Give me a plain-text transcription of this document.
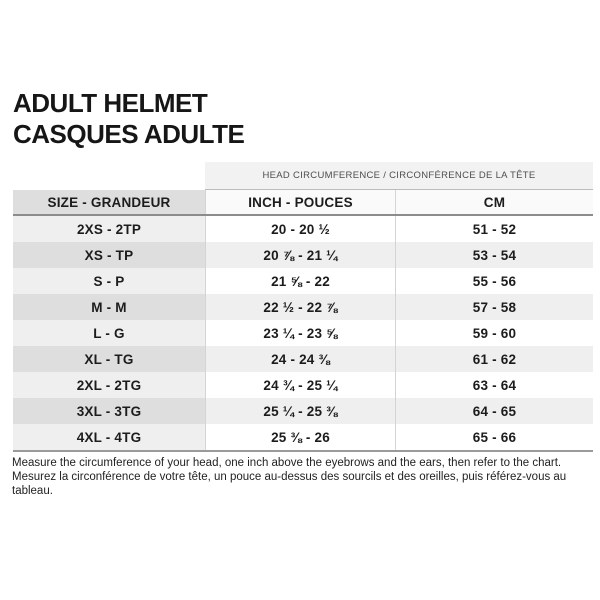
ADULT HELMET
CASQUES ADULTE
HEAD CIRCUMFERENCE / CIRCONFÉRENCE DE LA TÊTE
SIZE - GRANDEUR	INCH - POUCES	CM
2XS - 2TP	20 - 20 ½	51 - 52
XS - TP	20 ⅞ - 21 ¼	53 - 54
S - P	21 ⅝ - 22	55 - 56
M - M	22 ½ - 22 ⅞	57 - 58
L - G	23 ¼ - 23 ⅝	59 - 60
XL - TG	24 - 24 ⅜	61 - 62
2XL - 2TG	24 ¾ - 25 ¼	63 - 64
3XL - 3TG	25 ¼ - 25 ⅜	64 - 65
4XL - 4TG	25 ⅜ - 26	65 - 66
Measure the circumference of your head, one inch above the eyebrows and the ears, then refer to the chart.
Mesurez la circonférence de votre tête, un pouce au-dessus des sourcils et des oreilles, puis référez-vous au tableau.
